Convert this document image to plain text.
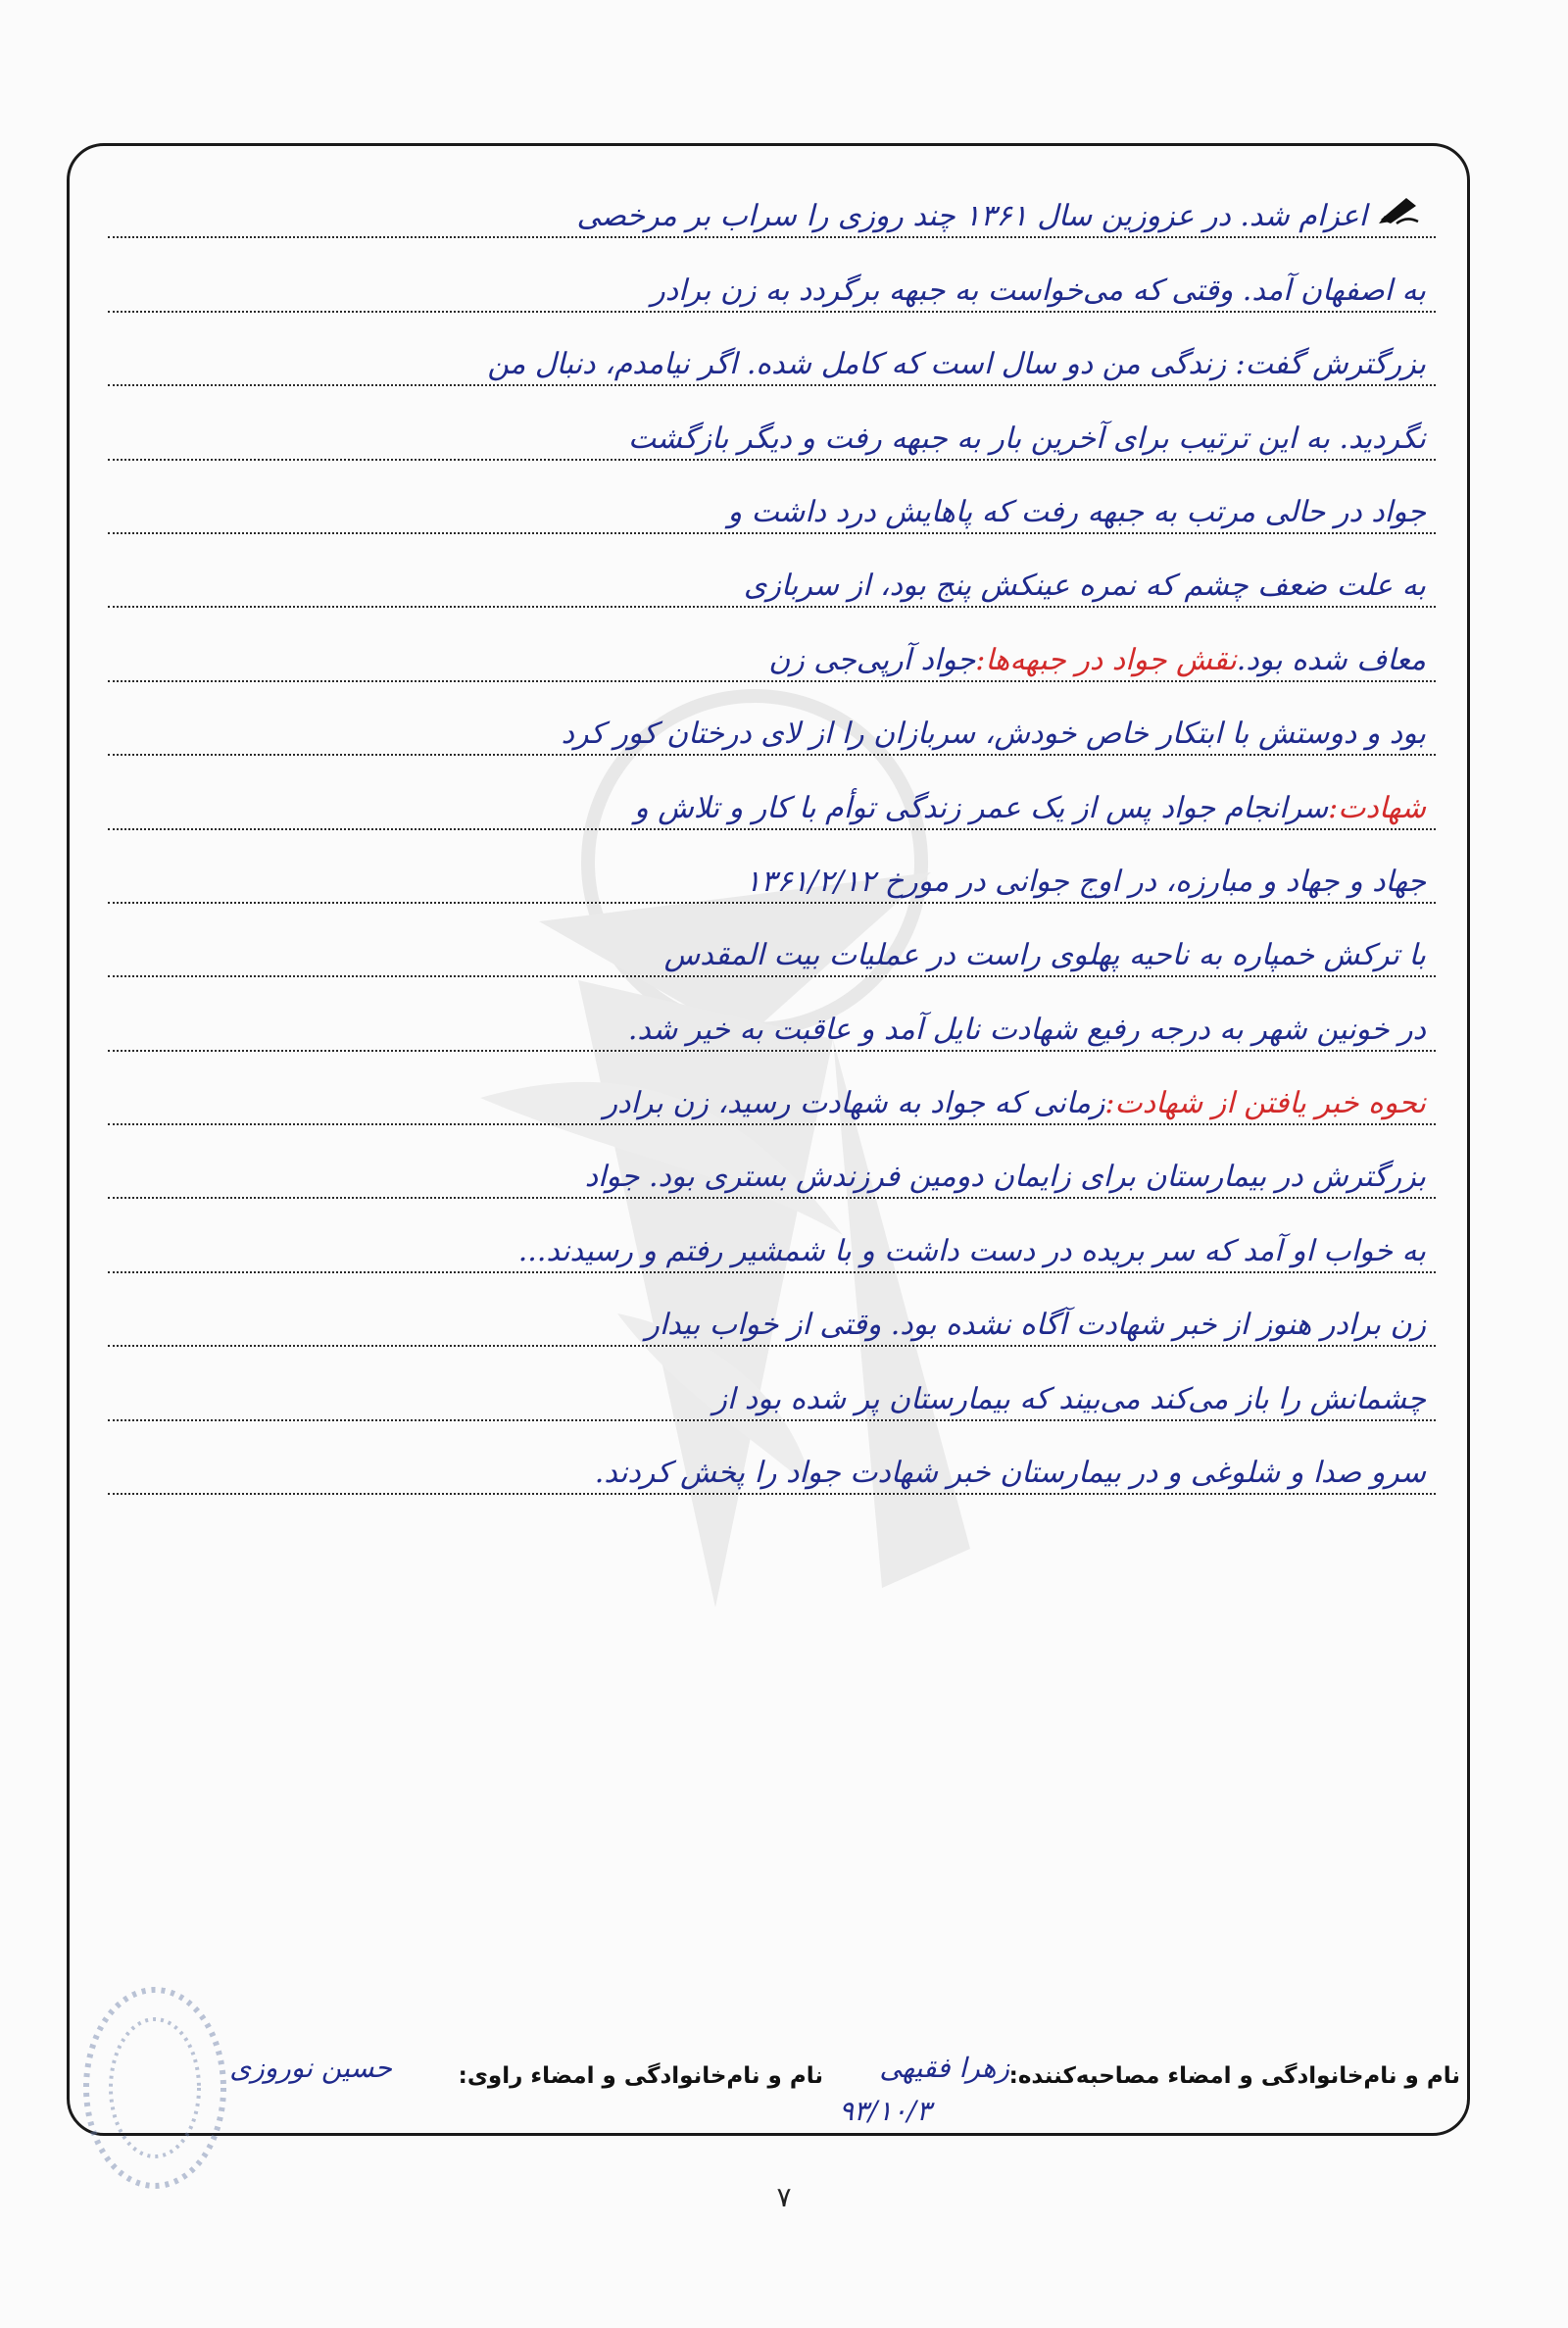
اعزام شد. در عزوزین سال ۱۳۶۱ چند روزی را سراب بر مرخصی
به اصفهان آمد. وقتی که می‌خواست به جبهه برگردد به زن برادر
بزرگترش گفت: زندگی من دو سال است که کامل شده. اگر نیامدم، دنبال من
نگردید. به این ترتیب برای آخرین بار به جبهه رفت و دیگر بازگشت
جواد در حالی مرتب به جبهه رفت که پاهایش درد داشت و
به علت ضعف چشم که نمره عینکش پنج بود، از سربازی
معاف شده بود.
نقش جواد در جبهه‌ها:
جواد آرپی‌جی زن
بود و دوستش با ابتکار خاص خودش، سربازان را از لای درختان کور کرد
شهادت:
سرانجام جواد پس از یک عمر زندگی توأم با کار و تلاش و
جهاد و جهاد و مبارزه، در اوج جوانی در مورخ ۱۳۶۱/۲/۱۲
با ترکش خمپاره به ناحیه پهلوی راست در عملیات بیت المقدس
در خونین شهر به درجه رفیع شهادت نایل آمد و عاقبت به خیر شد.
نحوه خبر یافتن از شهادت:
زمانی که جواد به شهادت رسید، زن برادر
بزرگترش در بیمارستان برای زایمان دومین فرزندش بستری بود. جواد
به خواب او آمد که سر بریده در دست داشت و با شمشیر رفتم و رسیدند...
زن برادر هنوز از خبر شهادت آگاه نشده بود. وقتی از خواب بیدار
چشمانش را باز می‌کند می‌بیند که بیمارستان پر شده بود از
سرو صدا و شلوغی و در بیمارستان خبر شهادت جواد را پخش کردند.
نام و نام‌خانوادگی و امضاء مصاحبه‌کننده:
زهرا فقیهی
نام و نام‌خانوادگی و امضاء راوی:
حسین نوروزی
۹۳/۱۰/۳
۷
